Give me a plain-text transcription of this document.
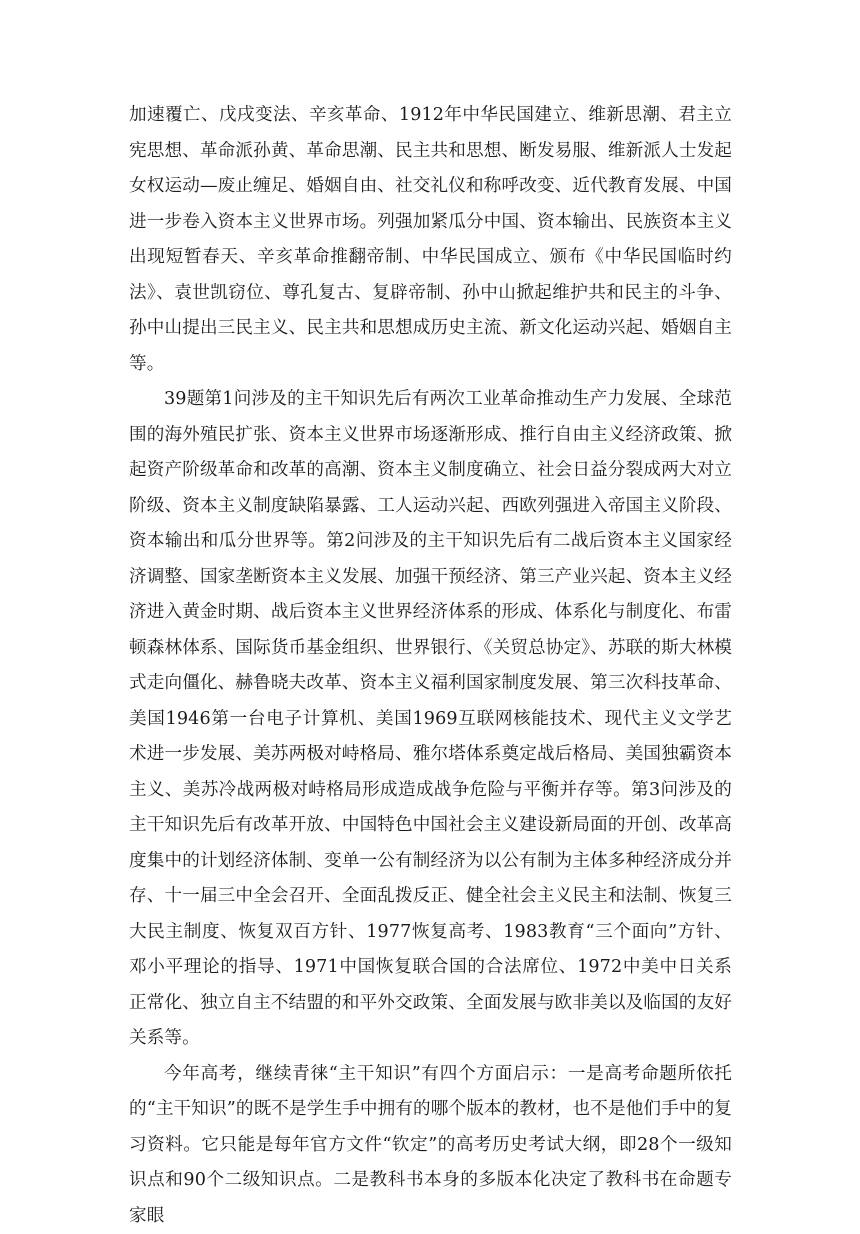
加速覆亡、戊戌变法、辛亥革命、1912年中华民国建立、维新思潮、君主立宪思想、革命派孙黄、革命思潮、民主共和思想、断发易服、维新派人士发起女权运动—废止缠足、婚姻自由、社交礼仪和称呼改变、近代教育发展、中国进一步卷入资本主义世界市场。列强加紧瓜分中国、资本输出、民族资本主义出现短暂春天、辛亥革命推翻帝制、中华民国成立、颁布《中华民国临时约法》、袁世凯窃位、尊孔复古、复辟帝制、孙中山掀起维护共和民主的斗争、孙中山提出三民主义、民主共和思想成历史主流、新文化运动兴起、婚姻自主等。

39题第1问涉及的主干知识先后有两次工业革命推动生产力发展、全球范围的海外殖民扩张、资本主义世界市场逐渐形成、推行自由主义经济政策、掀起资产阶级革命和改革的高潮、资本主义制度确立、社会日益分裂成两大对立阶级、资本主义制度缺陷暴露、工人运动兴起、西欧列强进入帝国主义阶段、资本输出和瓜分世界等。第2问涉及的主干知识先后有二战后资本主义国家经济调整、国家垄断资本主义发展、加强干预经济、第三产业兴起、资本主义经济进入黄金时期、战后资本主义世界经济体系的形成、体系化与制度化、布雷顿森林体系、国际货币基金组织、世界银行、《关贸总协定》、苏联的斯大林模式走向僵化、赫鲁晓夫改革、资本主义福利国家制度发展、第三次科技革命、美国1946第一台电子计算机、美国1969互联网核能技术、现代主义文学艺术进一步发展、美苏两极对峙格局、雅尔塔体系奠定战后格局、美国独霸资本主义、美苏冷战两极对峙格局形成造成战争危险与平衡并存等。第3问涉及的主干知识先后有改革开放、中国特色中国社会主义建设新局面的开创、改革高度集中的计划经济体制、变单一公有制经济为以公有制为主体多种经济成分并存、十一届三中全会召开、全面乱拨反正、健全社会主义民主和法制、恢复三大民主制度、恢复双百方针、1977恢复高考、1983教育“三个面向”方针、邓小平理论的指导、1971中国恢复联合国的合法席位、1972中美中日关系正常化、独立自主不结盟的和平外交政策、全面发展与欧非美以及临国的友好关系等。

今年高考，继续青徕“主干知识”有四个方面启示：一是高考命题所依托的“主干知识”的既不是学生手中拥有的哪个版本的教材，也不是他们手中的复习资料。它只能是每年官方文件“钦定”的高考历史考试大纲，即28个一级知识点和90个二级知识点。二是教科书本身的多版本化决定了教科书在命题专家眼
